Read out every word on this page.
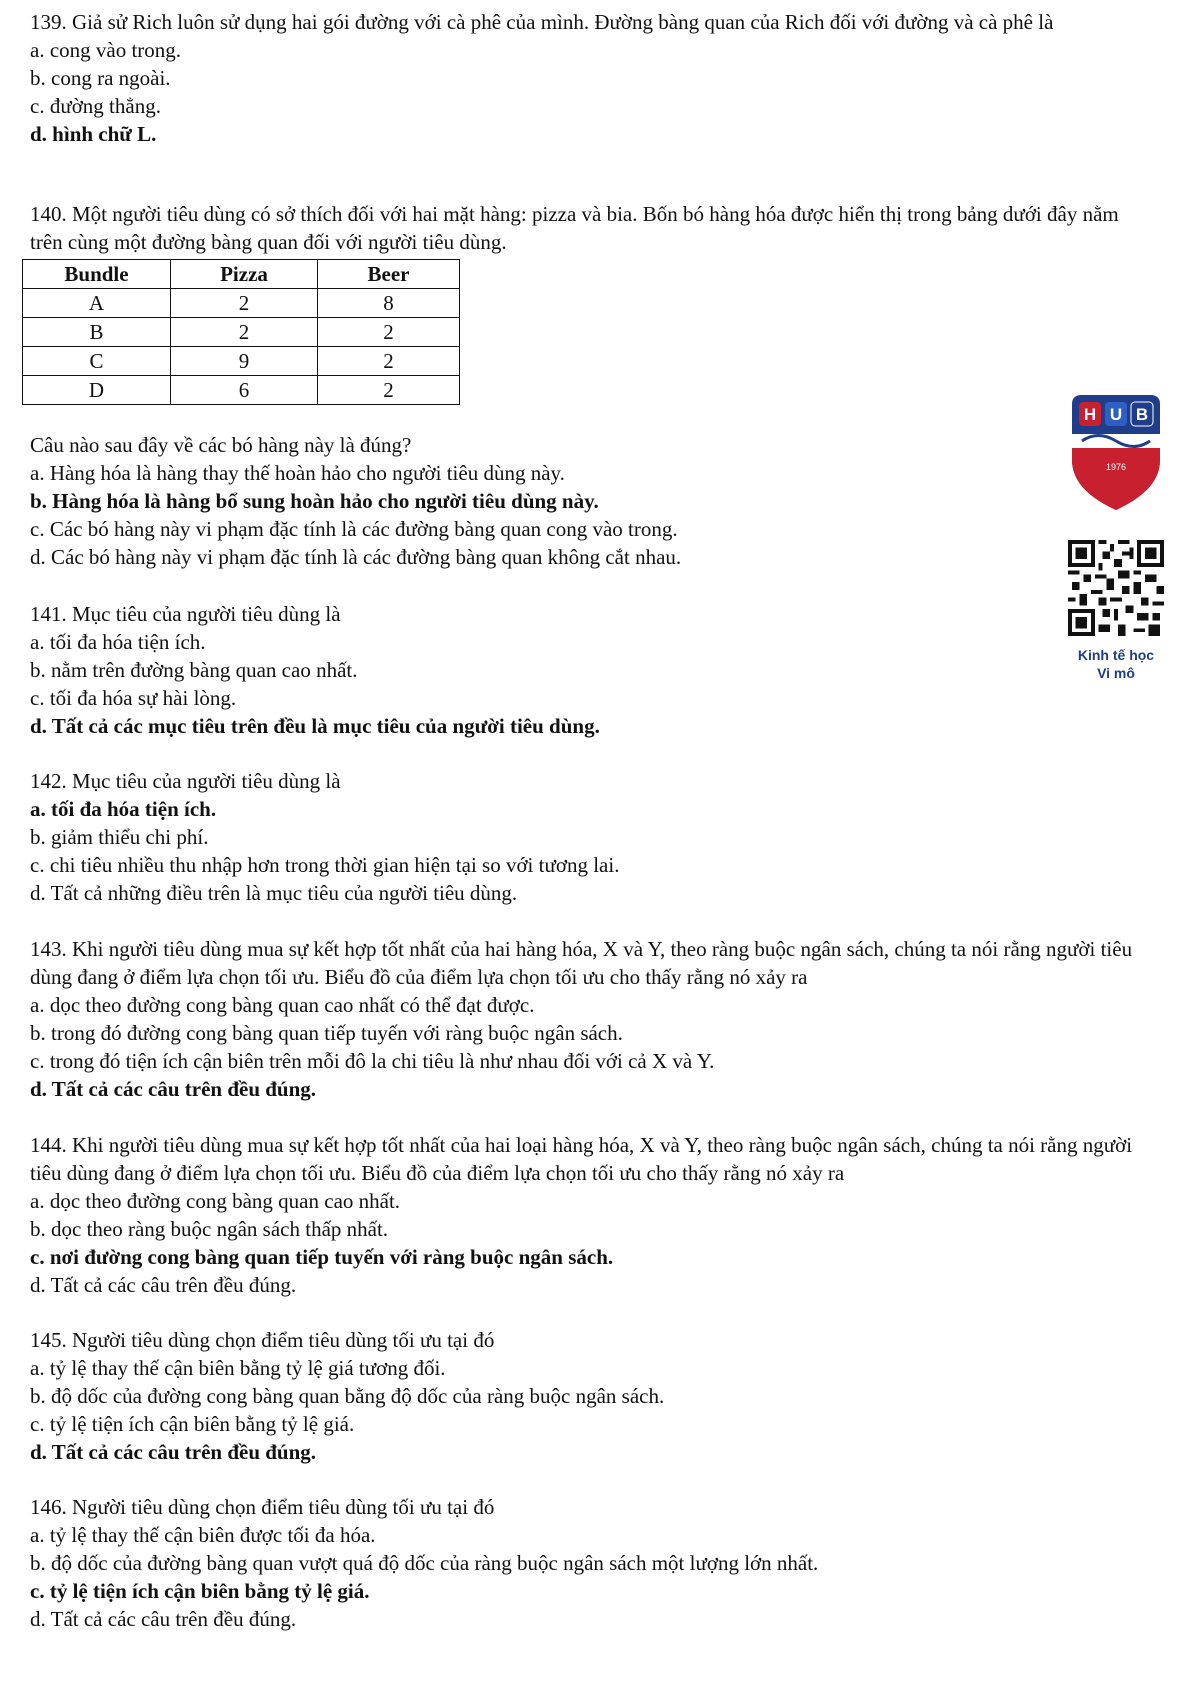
139. Giả sử Rich luôn sử dụng hai gói đường với cà phê của mình. Đường bàng quan của Rich đối với đường và cà phê là

a. cong vào trong.

b. cong ra ngoài.

c. đường thẳng.

d. hình chữ L.

140. Một người tiêu dùng có sở thích đối với hai mặt hàng: pizza và bia. Bốn bó hàng hóa được hiển thị trong bảng dưới đây nằm trên cùng một đường bàng quan đối với người tiêu dùng.

Bundle	Pizza	Beer
A	2	8
B	2	2
C	9	2
D	6	2

Câu nào sau đây về các bó hàng này là đúng?

a. Hàng hóa là hàng thay thế hoàn hảo cho người tiêu dùng này.

b. Hàng hóa là hàng bổ sung hoàn hảo cho người tiêu dùng này.

c. Các bó hàng này vi phạm đặc tính là các đường bàng quan cong vào trong.

d. Các bó hàng này vi phạm đặc tính là các đường bàng quan không cắt nhau.

141. Mục tiêu của người tiêu dùng là

a. tối đa hóa tiện ích.

b. nằm trên đường bàng quan cao nhất.

c. tối đa hóa sự hài lòng.

d. Tất cả các mục tiêu trên đều là mục tiêu của người tiêu dùng.

142. Mục tiêu của người tiêu dùng là

a. tối đa hóa tiện ích.

b. giảm thiểu chi phí.

c. chi tiêu nhiều thu nhập hơn trong thời gian hiện tại so với tương lai.

d. Tất cả những điều trên là mục tiêu của người tiêu dùng.

143. Khi người tiêu dùng mua sự kết hợp tốt nhất của hai hàng hóa, X và Y, theo ràng buộc ngân sách, chúng ta nói rằng người tiêu dùng đang ở điểm lựa chọn tối ưu. Biểu đồ của điểm lựa chọn tối ưu cho thấy rằng nó xảy ra

a. dọc theo đường cong bàng quan cao nhất có thể đạt được.

b. trong đó đường cong bàng quan tiếp tuyến với ràng buộc ngân sách.

c. trong đó tiện ích cận biên trên mỗi đô la chi tiêu là như nhau đối với cả X và Y.

d. Tất cả các câu trên đều đúng.

144. Khi người tiêu dùng mua sự kết hợp tốt nhất của hai loại hàng hóa, X và Y, theo ràng buộc ngân sách, chúng ta nói rằng người tiêu dùng đang ở điểm lựa chọn tối ưu. Biểu đồ của điểm lựa chọn tối ưu cho thấy rằng nó xảy ra

a. dọc theo đường cong bàng quan cao nhất.

b. dọc theo ràng buộc ngân sách thấp nhất.

c. nơi đường cong bàng quan tiếp tuyến với ràng buộc ngân sách.

d. Tất cả các câu trên đều đúng.

145. Người tiêu dùng chọn điểm tiêu dùng tối ưu tại đó

a. tỷ lệ thay thế cận biên bằng tỷ lệ giá tương đối.

b. độ dốc của đường cong bàng quan bằng độ dốc của ràng buộc ngân sách.

c. tỷ lệ tiện ích cận biên bằng tỷ lệ giá.

d. Tất cả các câu trên đều đúng.

146. Người tiêu dùng chọn điểm tiêu dùng tối ưu tại đó

a. tỷ lệ thay thế cận biên được tối đa hóa.

b. độ dốc của đường bàng quan vượt quá độ dốc của ràng buộc ngân sách một lượng lớn nhất.

c. tỷ lệ tiện ích cận biên bằng tỷ lệ giá.

d. Tất cả các câu trên đều đúng.

H U B
1976
Kinh tế học
Vi mô
